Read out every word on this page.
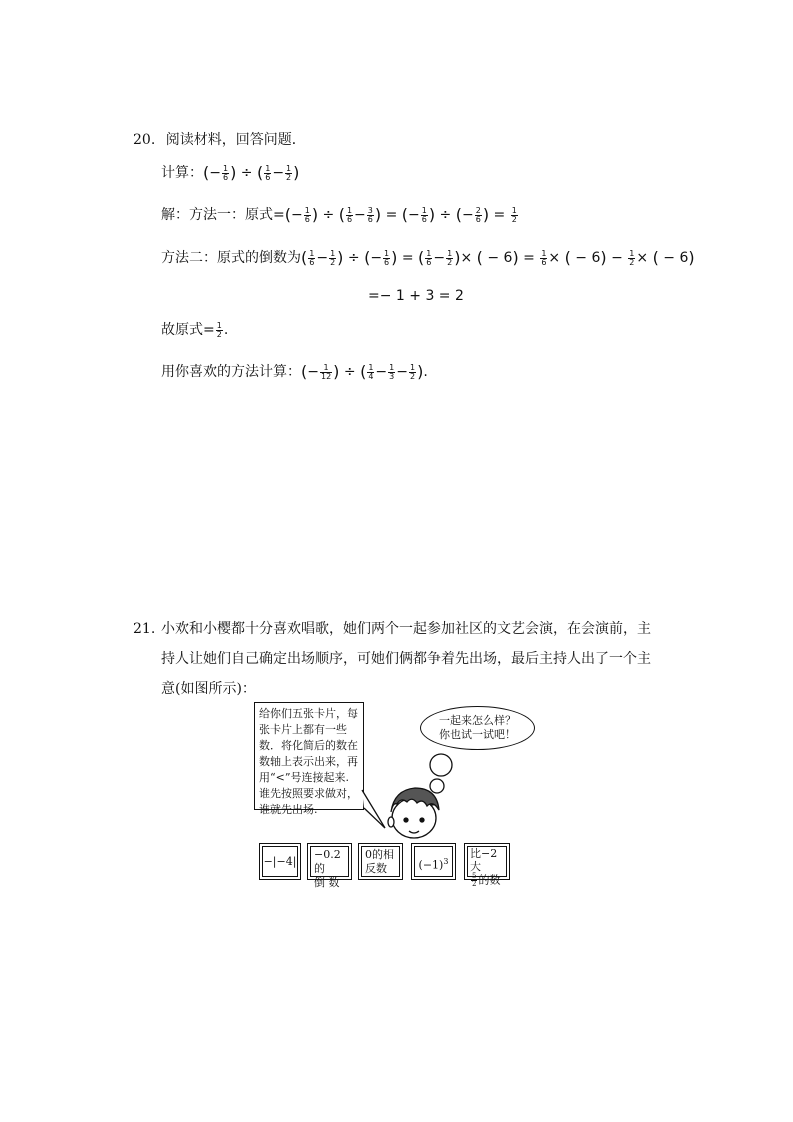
20. 阅读材料，回答问题．
计算：(− $\frac{1}{6}$ ) ÷ ( $\frac{1}{6} - \frac{1}{2}$ )
解：方法一：原式=(− $\frac{1}{6}$ ) ÷ ( $\frac{1}{6} - \frac{3}{6}$ ) = (− $\frac{1}{6}$ ) ÷ (− $\frac{2}{6}$ ) = $\frac{1}{2}$
方法二：原式的倒数为( $\frac{1}{6} - \frac{1}{2}$ ) ÷ (− $\frac{1}{6}$ ) = ( $\frac{1}{6} - \frac{1}{2}$ )× ( − $6) = \frac{1}{6}$ × ( − $6) - \frac{1}{2}$ × ( − 6)
=− 1 + 3 = 2
故原式= $\frac{1}{2}$ .
用你喜欢的方法计算：(− $\frac{1}{12}$ ) ÷ ( $\frac{1}{4} - \frac{1}{3} - \frac{1}{2}$ ).
21. 小欢和小樱都十分喜欢唱歌，她们两个一起参加社区的文艺会演，在会演前，主持人让她们自己确定出场顺序，可她们俩都争着先出场，最后主持人出了一个主意(如图所示)：
给你们五张卡片，每张卡片上都有一些数．将化简后的数在数轴上表示出来，再用“<”号连接起来.谁先按照要求做对，谁就先出场.
一起来怎么样？
你也试一试吧！
−|−4|
−0.2的
倒 数
0的相
反数	$(-1)^3$
比−2大
$\frac{5}{2}$ 的数
